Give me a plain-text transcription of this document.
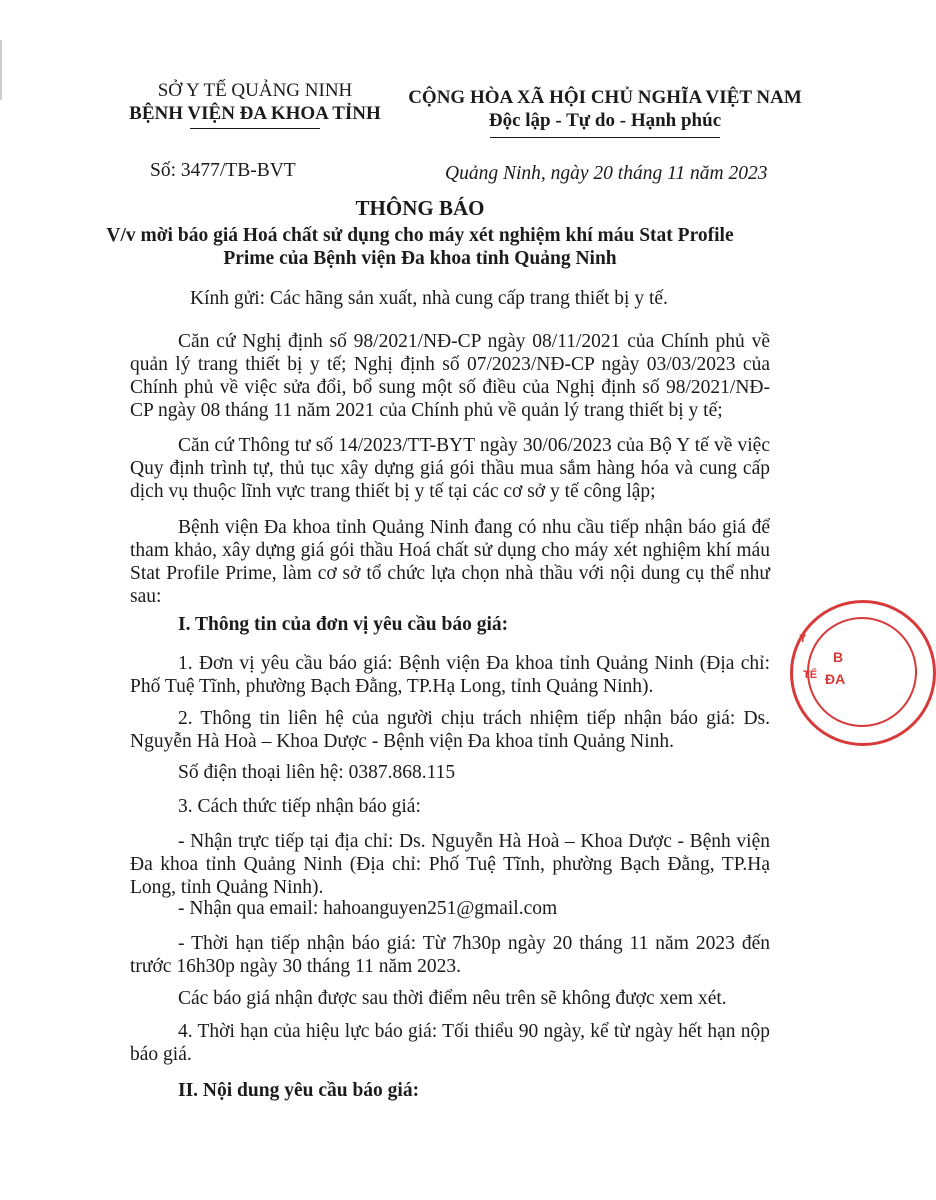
SỞ Y TẾ QUẢNG NINH
BỆNH VIỆN ĐA KHOA TỈNH
CỘNG HÒA XÃ HỘI CHỦ NGHĨA VIỆT NAM
Độc lập - Tự do - Hạnh phúc
Số: 3477/TB-BVT	Quảng Ninh, ngày 20 tháng 11 năm 2023
THÔNG BÁO
V/v mời báo giá Hoá chất sử dụng cho máy xét nghiệm khí máu Stat Profile
Prime của Bệnh viện Đa khoa tỉnh Quảng Ninh
Kính gửi: Các hãng sản xuất, nhà cung cấp trang thiết bị y tế.
Căn cứ Nghị định số 98/2021/NĐ-CP ngày 08/11/2021 của Chính phủ về quản lý trang thiết bị y tế; Nghị định số 07/2023/NĐ-CP ngày 03/03/2023 của Chính phủ về việc sửa đổi, bổ sung một số điều của Nghị định số 98/2021/NĐ-CP ngày 08 tháng 11 năm 2021 của Chính phủ về quản lý trang thiết bị y tế;
Căn cứ Thông tư số 14/2023/TT-BYT ngày 30/06/2023 của Bộ Y tế về việc Quy định trình tự, thủ tục xây dựng giá gói thầu mua sắm hàng hóa và cung cấp dịch vụ thuộc lĩnh vực trang thiết bị y tế tại các cơ sở y tế công lập;
Bệnh viện Đa khoa tỉnh Quảng Ninh đang có nhu cầu tiếp nhận báo giá để tham khảo, xây dựng giá gói thầu Hoá chất sử dụng cho máy xét nghiệm khí máu Stat Profile Prime, làm cơ sở tổ chức lựa chọn nhà thầu với nội dung cụ thể như sau:
I. Thông tin của đơn vị yêu cầu báo giá:
1. Đơn vị yêu cầu báo giá: Bệnh viện Đa khoa tỉnh Quảng Ninh (Địa chỉ: Phố Tuệ Tĩnh, phường Bạch Đằng, TP.Hạ Long, tỉnh Quảng Ninh).
2. Thông tin liên hệ của người chịu trách nhiệm tiếp nhận báo giá: Ds. Nguyễn Hà Hoà – Khoa Dược - Bệnh viện Đa khoa tỉnh Quảng Ninh.
Số điện thoại liên hệ: 0387.868.115
3. Cách thức tiếp nhận báo giá:
- Nhận trực tiếp tại địa chỉ: Ds. Nguyễn Hà Hoà – Khoa Dược - Bệnh viện Đa khoa tỉnh Quảng Ninh (Địa chỉ: Phố Tuệ Tĩnh, phường Bạch Đằng, TP.Hạ Long, tỉnh Quảng Ninh).
- Nhận qua email: hahoanguyen251@gmail.com
- Thời hạn tiếp nhận báo giá: Từ 7h30p ngày 20 tháng 11 năm 2023 đến trước 16h30p ngày 30 tháng 11 năm 2023.
Các báo giá nhận được sau thời điểm nêu trên sẽ không được xem xét.
4. Thời hạn của hiệu lực báo giá: Tối thiểu 90 ngày, kể từ ngày hết hạn nộp báo giá.
II. Nội dung yêu cầu báo giá:
B
ĐA
Y
TẾ
